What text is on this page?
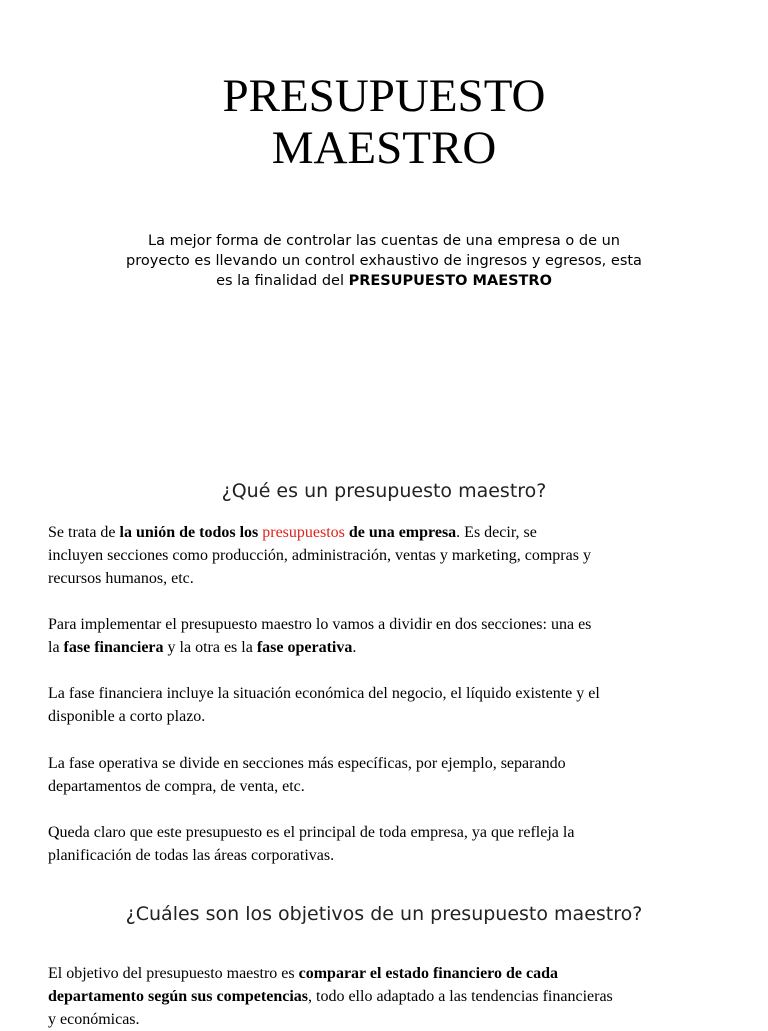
PRESUPUESTO
MAESTRO
La mejor forma de controlar las cuentas de una empresa o de un
proyecto es llevando un control exhaustivo de ingresos y egresos, esta
es la finalidad del PRESUPUESTO MAESTRO
¿Qué es un presupuesto maestro?
Se trata de la unión de todos los presupuestos de una empresa. Es decir, se
incluyen secciones como producción, administración, ventas y marketing, compras y
recursos humanos, etc.
Para implementar el presupuesto maestro lo vamos a dividir en dos secciones: una es
la fase financiera y la otra es la fase operativa.
La fase financiera incluye la situación económica del negocio, el líquido existente y el
disponible a corto plazo.
La fase operativa se divide en secciones más específicas, por ejemplo, separando
departamentos de compra, de venta, etc.
Queda claro que este presupuesto es el principal de toda empresa, ya que refleja la
planificación de todas las áreas corporativas.
¿Cuáles son los objetivos de un presupuesto maestro?
El objetivo del presupuesto maestro es comparar el estado financiero de cada
departamento según sus competencias, todo ello adaptado a las tendencias financieras
y económicas.
